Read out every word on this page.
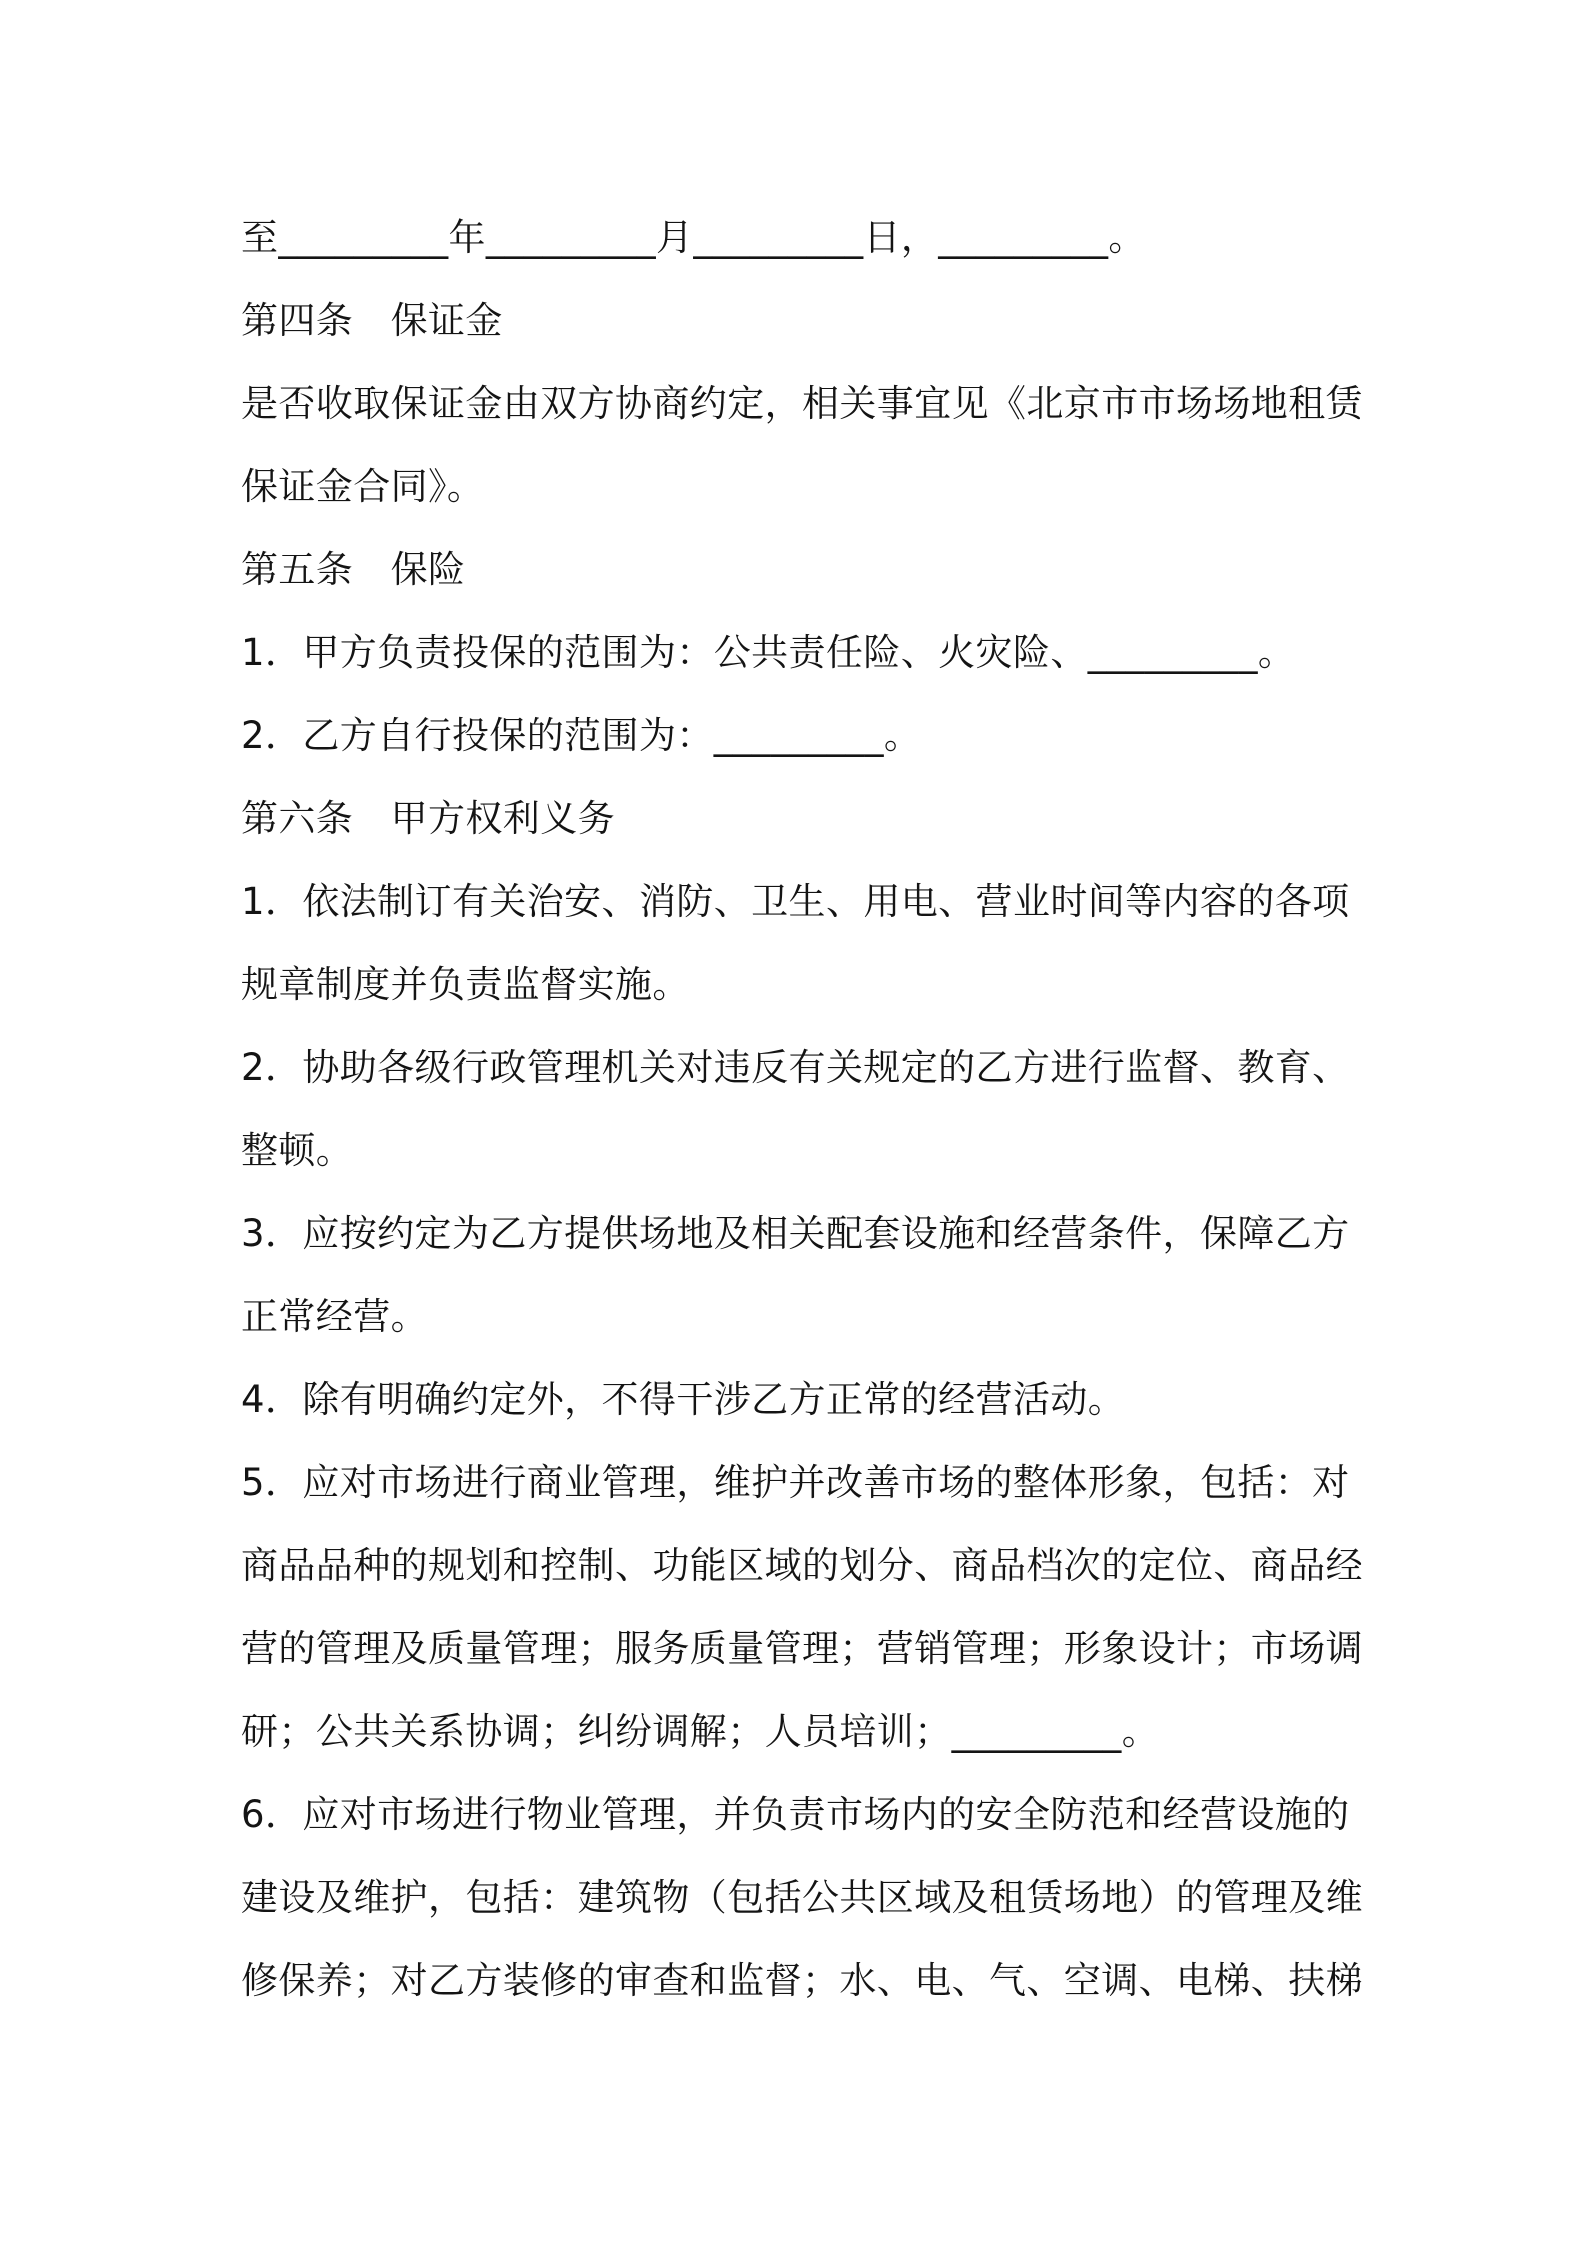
至_________年_________月_________日，_________。
第四条　保证金
是否收取保证金由双方协商约定，相关事宜见《北京市市场场地租赁
保证金合同》。
第五条　保险
1．甲方负责投保的范围为：公共责任险、火灾险、_________。
2．乙方自行投保的范围为：_________。
第六条　甲方权利义务
1．依法制订有关治安、消防、卫生、用电、营业时间等内容的各项
规章制度并负责监督实施。
2．协助各级行政管理机关对违反有关规定的乙方进行监督、教育、
整顿。
3．应按约定为乙方提供场地及相关配套设施和经营条件，保障乙方
正常经营。
4．除有明确约定外，不得干涉乙方正常的经营活动。
5．应对市场进行商业管理，维护并改善市场的整体形象，包括：对
商品品种的规划和控制、功能区域的划分、商品档次的定位、商品经
营的管理及质量管理；服务质量管理；营销管理；形象设计；市场调
研；公共关系协调；纠纷调解；人员培训；_________。
6．应对市场进行物业管理，并负责市场内的安全防范和经营设施的
建设及维护，包括：建筑物（包括公共区域及租赁场地）的管理及维
修保养；对乙方装修的审查和监督；水、电、气、空调、电梯、扶梯
